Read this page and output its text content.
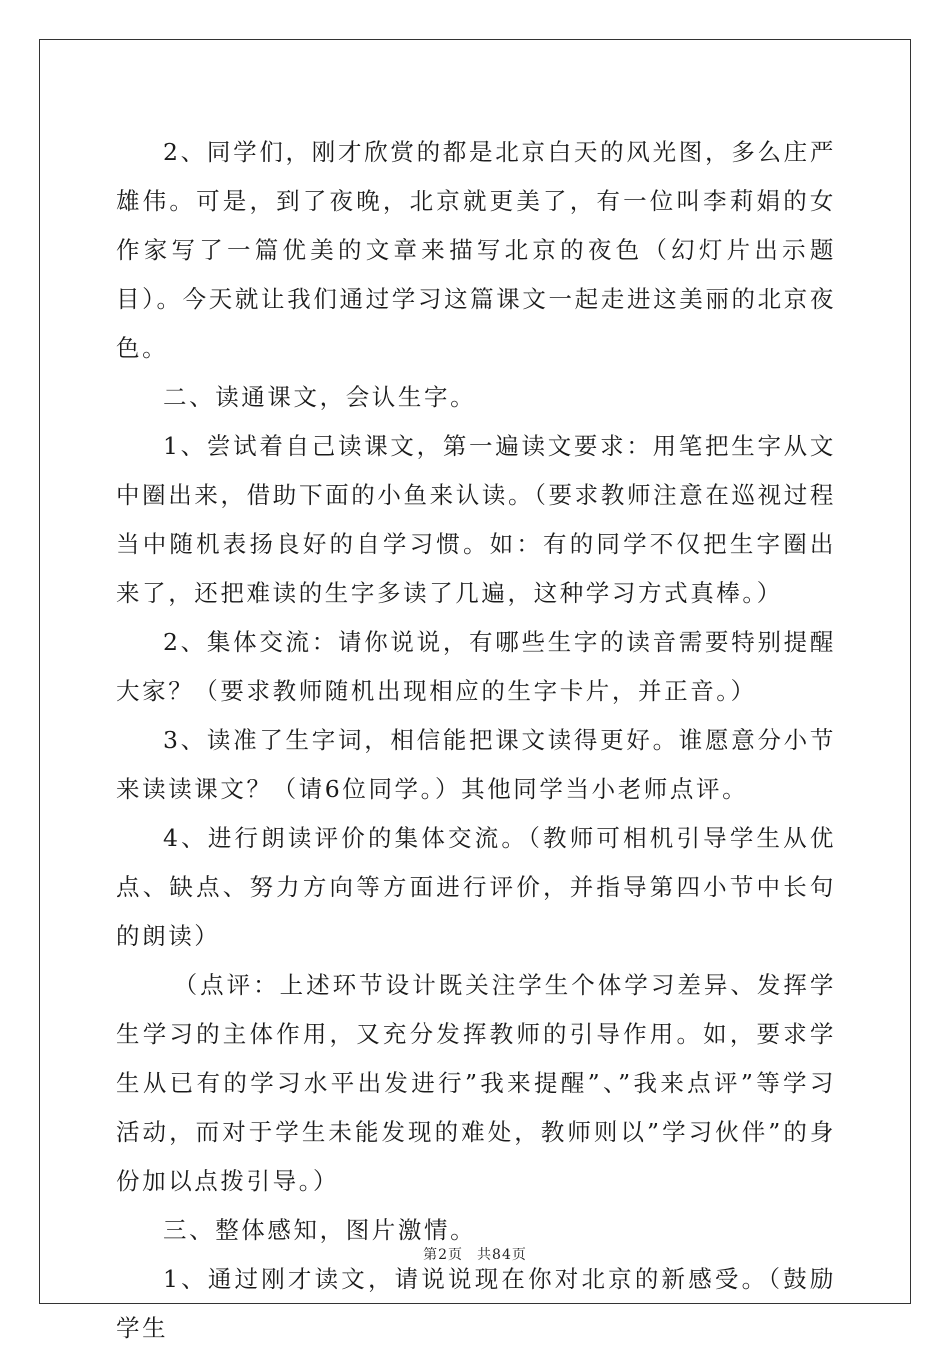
2、同学们，刚才欣赏的都是北京白天的风光图，多么庄严雄伟。可是，到了夜晚，北京就更美了，有一位叫李莉娟的女作家写了一篇优美的文章来描写北京的夜色（幻灯片出示题目）。今天就让我们通过学习这篇课文一起走进这美丽的北京夜色。

二、读通课文，会认生字。

1、尝试着自己读课文，第一遍读文要求：用笔把生字从文中圈出来，借助下面的小鱼来认读。（要求教师注意在巡视过程当中随机表扬良好的自学习惯。如：有的同学不仅把生字圈出来了，还把难读的生字多读了几遍，这种学习方式真棒。）

2、集体交流：请你说说，有哪些生字的读音需要特别提醒大家？（要求教师随机出现相应的生字卡片，并正音。）

3、读准了生字词，相信能把课文读得更好。谁愿意分小节来读读课文？（请6位同学。）其他同学当小老师点评。

4、进行朗读评价的集体交流。（教师可相机引导学生从优点、缺点、努力方向等方面进行评价，并指导第四小节中长句的朗读）

（点评：上述环节设计既关注学生个体学习差异、发挥学生学习的主体作用，又充分发挥教师的引导作用。如，要求学生从已有的学习水平出发进行”我来提醒”、”我来点评”等学习活动，而对于学生未能发现的难处，教师则以”学习伙伴”的身份加以点拨引导。）

三、整体感知，图片激情。

1、通过刚才读文，请说说现在你对北京的新感受。（鼓励学生

第2页 共84页
